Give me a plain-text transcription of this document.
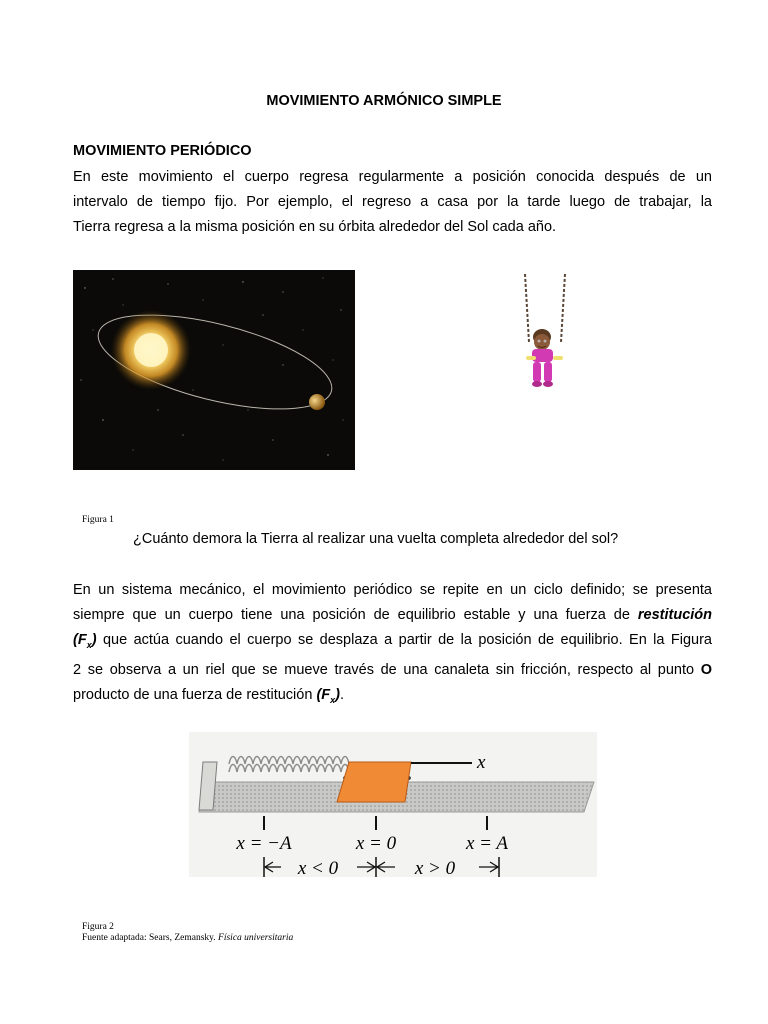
MOVIMIENTO ARMÓNICO SIMPLE
MOVIMIENTO PERIÓDICO
En este movimiento el cuerpo regresa regularmente a posición conocida después de un
intervalo de tiempo fijo. Por ejemplo, el regreso a casa por la tarde luego de trabajar, la
Tierra regresa a la misma posición en su órbita alrededor del Sol cada año.
Figura 1
¿Cuánto demora la Tierra al realizar una vuelta completa alrededor del sol?
En un sistema mecánico, el movimiento periódico se repite en un ciclo definido; se presenta
siempre que un cuerpo tiene una posición de equilibrio estable y una fuerza de restitución
$(F_x)$ que actúa cuando el cuerpo se desplaza a partir de la posición de equilibrio. En la Figura
2 se observa a un riel que se mueve través de una canaleta sin fricción, respecto al punto O
producto de una fuerza de restitución $(F_x)$.
x
x = −A	x = 0	x = A
x < 0	x > 0
Figura 2
Fuente adaptada: Sears, Zemansky. Física universitaria
